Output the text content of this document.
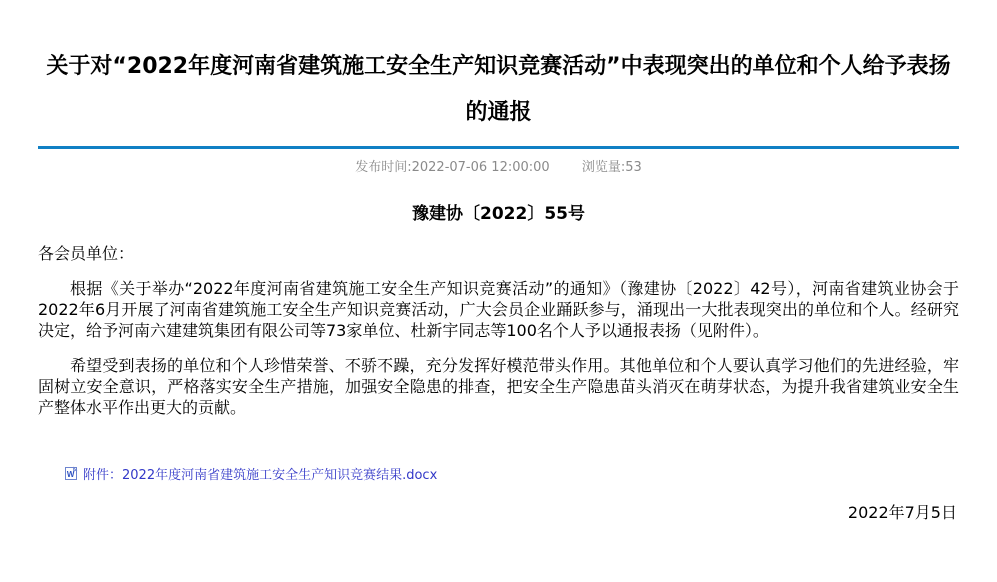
关于对“2022年度河南省建筑施工安全生产知识竞赛活动”中表现突出的单位和个人给予表扬的通报
发布时间:2022-07-06 12:00:00 浏览量:53
豫建协〔2022〕55号

各会员单位：

根据《关于举办“2022年度河南省建筑施工安全生产知识竞赛活动”的通知》（豫建协〔2022〕42号），河南省建筑业协会于2022年6月开展了河南省建筑施工安全生产知识竞赛活动，广大会员企业踊跃参与，涌现出一大批表现突出的单位和个人。经研究决定，给予河南六建建筑集团有限公司等73家单位、杜新宇同志等100名个人予以通报表扬（见附件）。

希望受到表扬的单位和个人珍惜荣誉、不骄不躁，充分发挥好模范带头作用。其他单位和个人要认真学习他们的先进经验，牢固树立安全意识，严格落实安全生产措施，加强安全隐患的排查，把安全生产隐患苗头消灭在萌芽状态，为提升我省建筑业安全生产整体水平作出更大的贡献。

W 附件：2022年度河南省建筑施工安全生产知识竞赛结果.docx
2022年7月5日
